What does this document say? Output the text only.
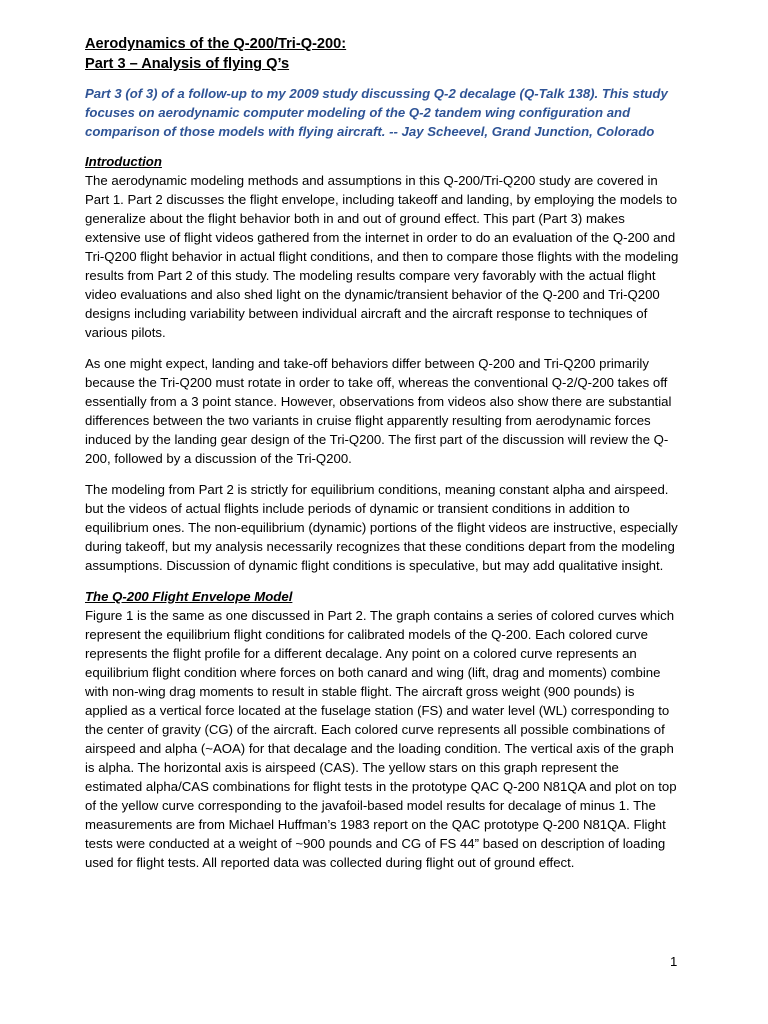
Aerodynamics of the Q-200/Tri-Q-200:
Part 3 – Analysis of flying Q’s

Part 3 (of 3) of a follow-up to my 2009 study discussing Q-2 decalage (Q-Talk 138). This study focuses on aerodynamic computer modeling of the Q-2 tandem wing configuration and comparison of those models with flying aircraft. -- Jay Scheevel, Grand Junction, Colorado

Introduction

The aerodynamic modeling methods and assumptions in this Q-200/Tri-Q200 study are covered in Part 1. Part 2 discusses the flight envelope, including takeoff and landing, by employing the models to generalize about the flight behavior both in and out of ground effect. This part (Part 3) makes extensive use of flight videos gathered from the internet in order to do an evaluation of the Q-200 and Tri-Q200 flight behavior in actual flight conditions, and then to compare those flights with the modeling results from Part 2 of this study. The modeling results compare very favorably with the actual flight video evaluations and also shed light on the dynamic/transient behavior of the Q-200 and Tri-Q200 designs including variability between individual aircraft and the aircraft response to techniques of various pilots.

As one might expect, landing and take-off behaviors differ between Q-200 and Tri-Q200 primarily because the Tri-Q200 must rotate in order to take off, whereas the conventional Q-2/Q-200 takes off essentially from a 3 point stance. However, observations from videos also show there are substantial differences between the two variants in cruise flight apparently resulting from aerodynamic forces induced by the landing gear design of the Tri-Q200. The first part of the discussion will review the Q-200, followed by a discussion of the Tri-Q200.

The modeling from Part 2 is strictly for equilibrium conditions, meaning constant alpha and airspeed. but the videos of actual flights include periods of dynamic or transient conditions in addition to equilibrium ones. The non-equilibrium (dynamic) portions of the flight videos are instructive, especially during takeoff, but my analysis necessarily recognizes that these conditions depart from the modeling assumptions. Discussion of dynamic flight conditions is speculative, but may add qualitative insight.

The Q-200 Flight Envelope Model

Figure 1 is the same as one discussed in Part 2. The graph contains a series of colored curves which represent the equilibrium flight conditions for calibrated models of the Q-200. Each colored curve represents the flight profile for a different decalage. Any point on a colored curve represents an equilibrium flight condition where forces on both canard and wing (lift, drag and moments) combine with non-wing drag moments to result in stable flight. The aircraft gross weight (900 pounds) is applied as a vertical force located at the fuselage station (FS) and water level (WL) corresponding to the center of gravity (CG) of the aircraft. Each colored curve represents all possible combinations of airspeed and alpha (~AOA) for that decalage and the loading condition. The vertical axis of the graph is alpha. The horizontal axis is airspeed (CAS). The yellow stars on this graph represent the estimated alpha/CAS combinations for flight tests in the prototype QAC Q-200 N81QA and plot on top of the yellow curve corresponding to the javafoil-based model results for decalage of minus 1. The measurements are from Michael Huffman’s 1983 report on the QAC prototype Q-200 N81QA. Flight tests were conducted at a weight of ~900 pounds and CG of FS 44” based on description of loading used for flight tests. All reported data was collected during flight out of ground effect.

1
